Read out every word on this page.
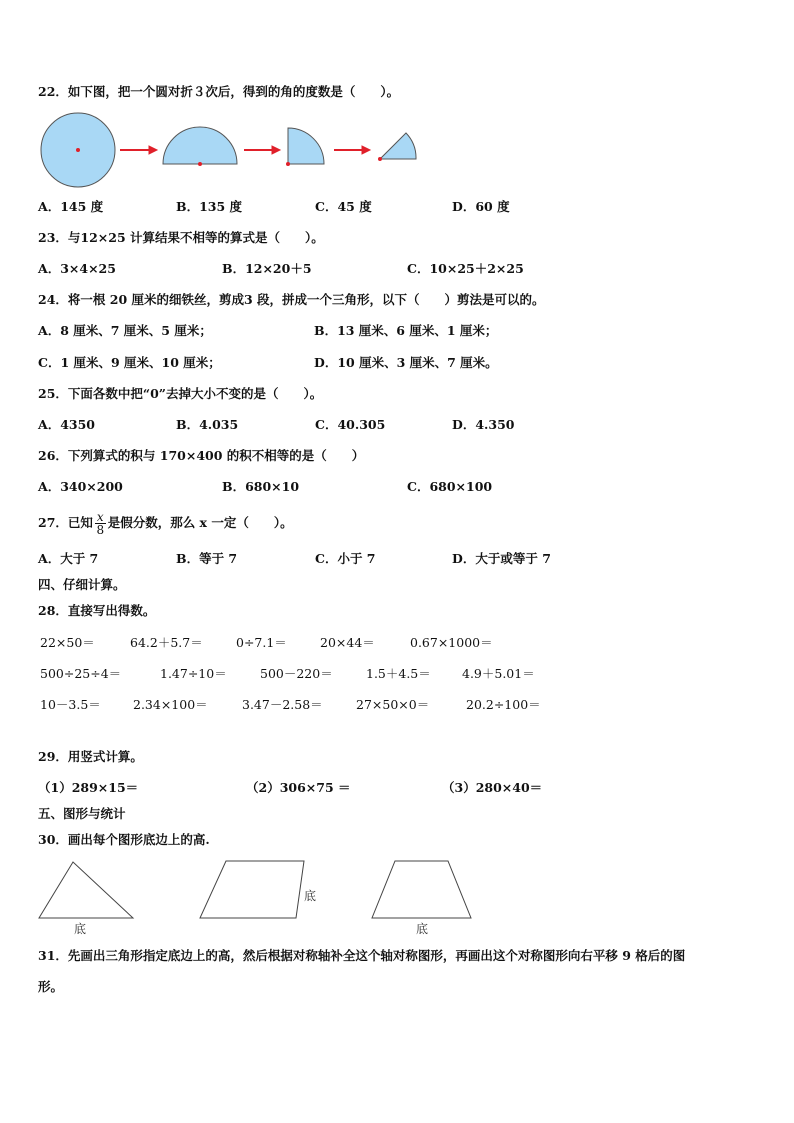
22．如下图，把一个圆对折３次后，得到的角的度数是（　　）。
A．145 度	B．135 度	C．45 度	D．60 度
23．与12×25 计算结果不相等的算式是（　　）。
A．3×4×25	B．12×20＋5	C．10×25＋2×25
24．将一根 20 厘米的细铁丝，剪成3 段，拼成一个三角形，以下（　　）剪法是可以的。
A．8 厘米、7 厘米、5 厘米；	B．13 厘米、6 厘米、1 厘米；
C．1 厘米、9 厘米、10 厘米；	D．10 厘米、3 厘米、7 厘米。
25．下面各数中把“0”去掉大小不变的是（　　）。
A．4350	B．4.035	C．40.305	D．4.350
26．下列算式的积与 170×400 的积不相等的是（　　）
A．340×200	B．680×10	C．680×100
27．已知 $\frac{x}{8}$ 是假分数，那么 x 一定（　　）。
A．大于 7	B．等于 7	C．小于 7	D．大于或等于 7
四、仔细计算。
28．直接写出得数。
22×50＝	64.2＋5.7＝	0÷7.1＝	20×44＝	0.67×1000＝
500÷25÷4＝	1.47÷10＝	500－220＝	1.5＋4.5＝ 4.9＋5.01＝
10－3.5＝	2.34×100＝	3.47－2.58＝	27×50×0＝	20.2÷100＝
29．用竖式计算。
（1）289×15＝	（2）306×75 ＝	（3）280×40＝
五、图形与统计
30．画出每个图形底边上的高.
底
底
底
31．先画出三角形指定底边上的高，然后根据对称轴补全这个轴对称图形，再画出这个对称图形向右平移 9 格后的图
形。
